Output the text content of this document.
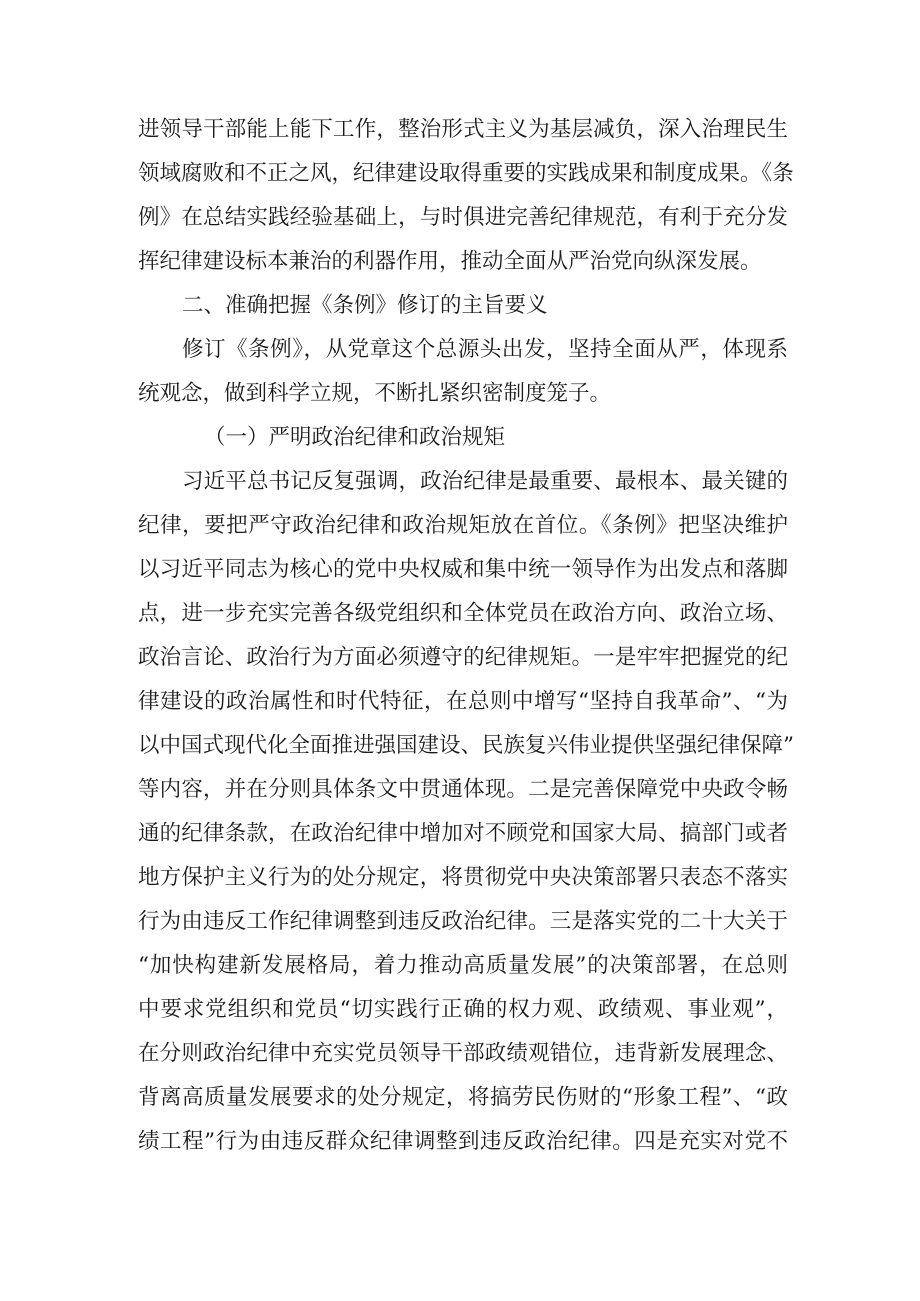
进领导干部能上能下工作，整治形式主义为基层减负，深入治理民生
领域腐败和不正之风，纪律建设取得重要的实践成果和制度成果。《条
例》在总结实践经验基础上，与时俱进完善纪律规范，有利于充分发
挥纪律建设标本兼治的利器作用，推动全面从严治党向纵深发展。
二、准确把握《条例》修订的主旨要义
修订《条例》，从党章这个总源头出发，坚持全面从严，体现系
统观念，做到科学立规，不断扎紧织密制度笼子。
（一）严明政治纪律和政治规矩
习近平总书记反复强调，政治纪律是最重要、最根本、最关键的
纪律，要把严守政治纪律和政治规矩放在首位。《条例》把坚决维护
以习近平同志为核心的党中央权威和集中统一领导作为出发点和落脚
点，进一步充实完善各级党组织和全体党员在政治方向、政治立场、
政治言论、政治行为方面必须遵守的纪律规矩。一是牢牢把握党的纪
律建设的政治属性和时代特征，在总则中增写“坚持自我革命”、“为
以中国式现代化全面推进强国建设、民族复兴伟业提供坚强纪律保障”
等内容，并在分则具体条文中贯通体现。二是完善保障党中央政令畅
通的纪律条款，在政治纪律中增加对不顾党和国家大局、搞部门或者
地方保护主义行为的处分规定，将贯彻党中央决策部署只表态不落实
行为由违反工作纪律调整到违反政治纪律。三是落实党的二十大关于
“加快构建新发展格局，着力推动高质量发展”的决策部署，在总则
中要求党组织和党员“切实践行正确的权力观、政绩观、事业观”，
在分则政治纪律中充实党员领导干部政绩观错位，违背新发展理念、
背离高质量发展要求的处分规定，将搞劳民伤财的“形象工程”、“政
绩工程”行为由违反群众纪律调整到违反政治纪律。四是充实对党不
